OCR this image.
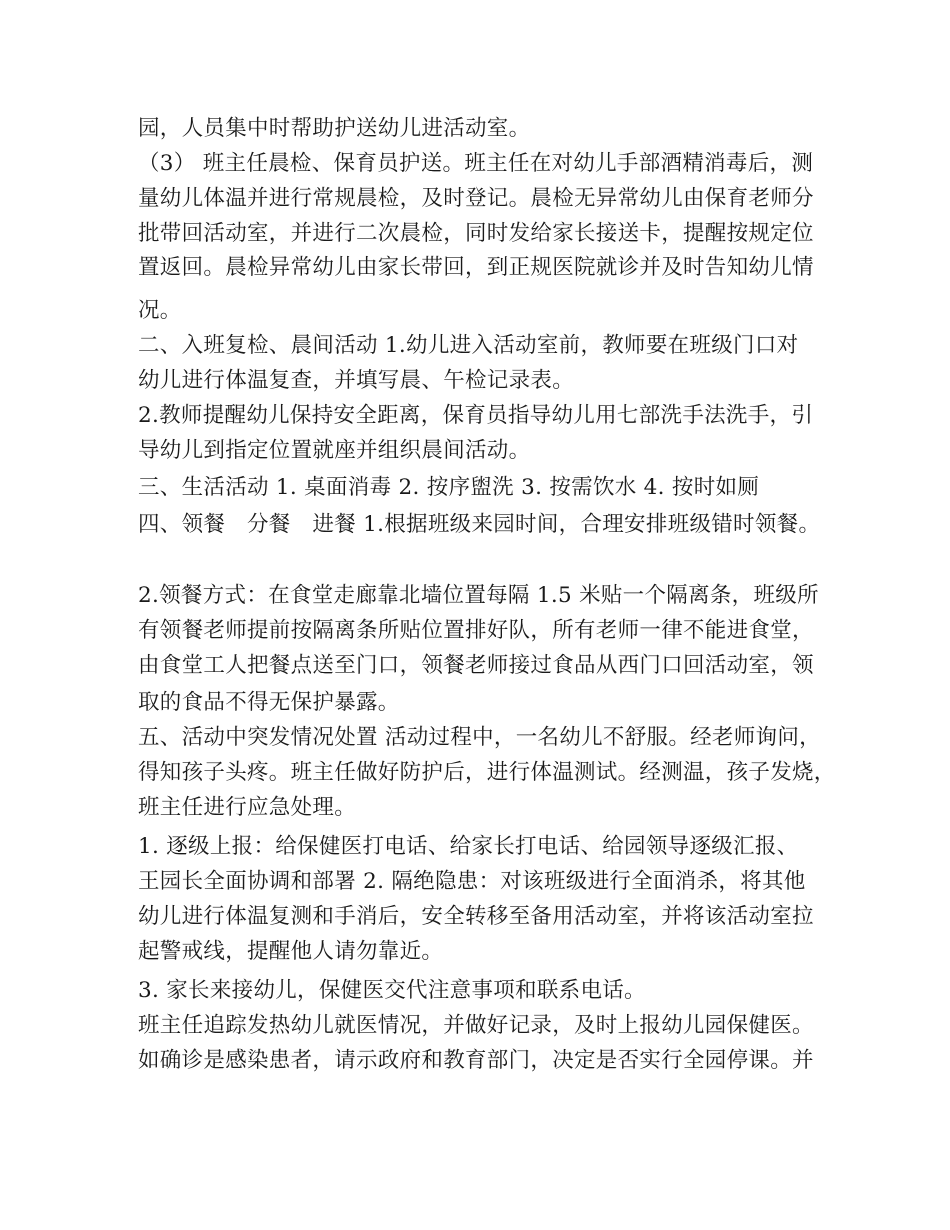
园，人员集中时帮助护送幼儿进活动室。
（3） 班主任晨检、保育员护送。班主任在对幼儿手部酒精消毒后，测
量幼儿体温并进行常规晨检，及时登记。晨检无异常幼儿由保育老师分
批带回活动室，并进行二次晨检，同时发给家长接送卡，提醒按规定位
置返回。晨检异常幼儿由家长带回，到正规医院就诊并及时告知幼儿情
况。
二、入班复检、晨间活动 1.幼儿进入活动室前，教师要在班级门口对
幼儿进行体温复查，并填写晨、午检记录表。
2.教师提醒幼儿保持安全距离，保育员指导幼儿用七部洗手法洗手，引
导幼儿到指定位置就座并组织晨间活动。
三、生活活动 1. 桌面消毒 2. 按序盥洗 3. 按需饮水 4. 按时如厕
四、领餐　分餐　进餐 1.根据班级来园时间，合理安排班级错时领餐。
2.领餐方式：在食堂走廊靠北墙位置每隔 1.5 米贴一个隔离条，班级所
有领餐老师提前按隔离条所贴位置排好队，所有老师一律不能进食堂，
由食堂工人把餐点送至门口，领餐老师接过食品从西门口回活动室，领
取的食品不得无保护暴露。
五、活动中突发情况处置 活动过程中，一名幼儿不舒服。经老师询问，
得知孩子头疼。班主任做好防护后，进行体温测试。经测温，孩子发烧，
班主任进行应急处理。
1. 逐级上报：给保健医打电话、给家长打电话、给园领导逐级汇报、
王园长全面协调和部署 2. 隔绝隐患：对该班级进行全面消杀，将其他
幼儿进行体温复测和手消后，安全转移至备用活动室，并将该活动室拉
起警戒线，提醒他人请勿靠近。
3. 家长来接幼儿，保健医交代注意事项和联系电话。
班主任追踪发热幼儿就医情况，并做好记录，及时上报幼儿园保健医。
如确诊是感染患者，请示政府和教育部门，决定是否实行全园停课。并
